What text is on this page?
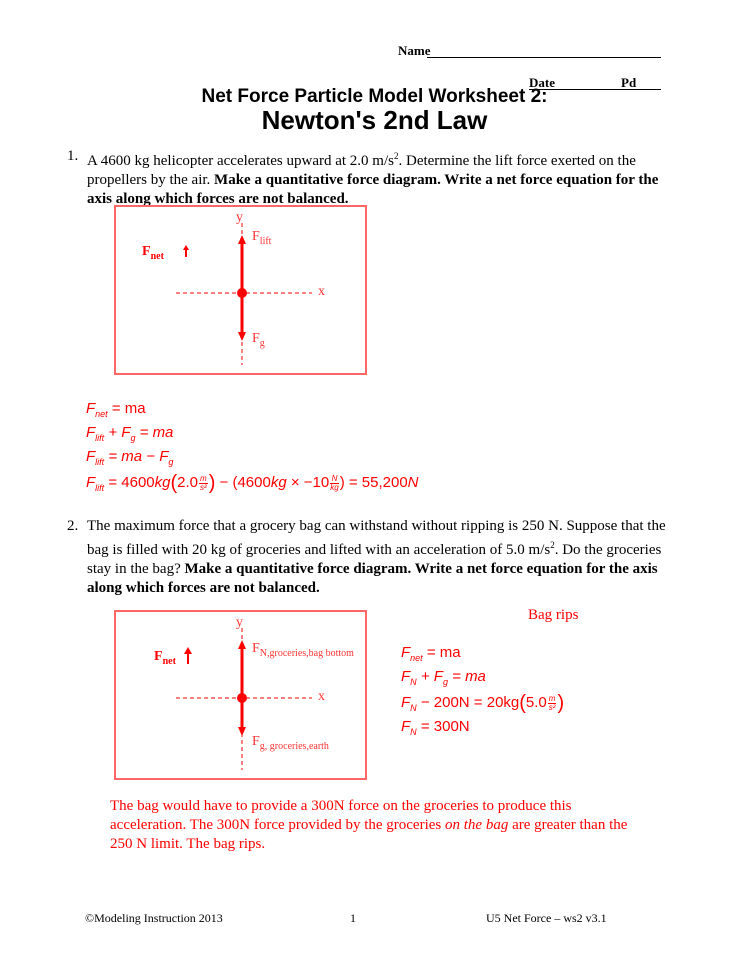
Name
Date	Pd
Net Force Particle Model Worksheet 2:
Newton's 2nd Law
1. A 4600 kg helicopter accelerates upward at 2.0 $m/s^2$. Determine the lift force exerted on the propellers by the air. Make a quantitative force diagram. Write a net force equation for the axis along which forces are not balanced.
y
x
$F_{lift}$
$F_g$
$F_{net}$
$F_{net}$ = ma
$F_{lift} + F_g$ = ma
$F_{lift}$ = ma − $F_g$
$F_{lift} = 4600kg(2.0 \frac{m}{\text{s²}}$ ) − ($4600kg \times -10 \frac{N}{kg}$ ) = 55,200N
2. The maximum force that a grocery bag can withstand without ripping is 250 N. Suppose that the bag is filled with 20 kg of groceries and lifted with an acceleration of 5.0 $m/s^2$. Do the groceries stay in the bag? Make a quantitative force diagram. Write a net force equation for the axis along which forces are not balanced.
y
x
$F_{N,groceries,bag bottom}$
$F_{g, groceries,earth}$
$F_{net}$
Bag rips
$F_{net}$ = ma
$F_N + F_g$ = ma
$F_N - 200N = 20kg(5.0 \frac{m}{\text{s²}}$ )
$F_N = 300N$
The bag would have to provide a 300N force on the groceries to produce this acceleration. The 300N force provided by the groceries on the bag are greater than the 250 N limit. The bag rips.
©Modeling Instruction 2013	1	U5 Net Force – ws2 v3.1
